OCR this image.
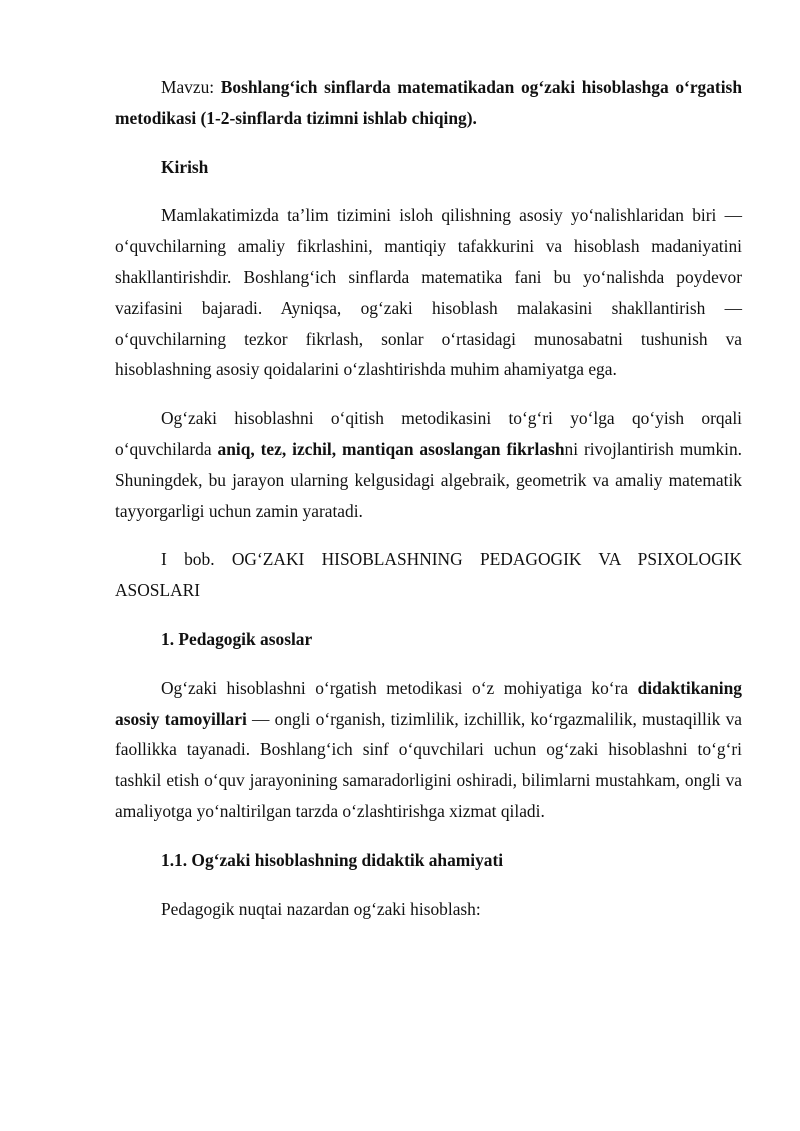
Mavzu: Boshlang‘ich sinflarda matematikadan og‘zaki hisoblashga o‘rgatish metodikasi (1-2-sinflarda tizimni ishlab chiqing).

Kirish

Mamlakatimizda ta’lim tizimini isloh qilishning asosiy yo‘nalishlaridan biri — o‘quvchilarning amaliy fikrlashini, mantiqiy tafakkurini va hisoblash madaniyatini shakllantirishdir. Boshlang‘ich sinflarda matematika fani bu yo‘nalishda poydevor vazifasini bajaradi. Ayniqsa, og‘zaki hisoblash malakasini shakllantirish — o‘quvchilarning tezkor fikrlash, sonlar o‘rtasidagi munosabatni tushunish va hisoblashning asosiy qoidalarini o‘zlashtirishda muhim ahamiyatga ega.

Og‘zaki hisoblashni o‘qitish metodikasini to‘g‘ri yo‘lga qo‘yish orqali o‘quvchilarda aniq, tez, izchil, mantiqan asoslangan fikrlashni rivojlantirish mumkin. Shuningdek, bu jarayon ularning kelgusidagi algebraik, geometrik va amaliy matematik tayyorgarligi uchun zamin yaratadi.

I bob. OG‘ZAKI HISOBLASHNING PEDAGOGIK VA PSIXOLOGIK ASOSLARI

1. Pedagogik asoslar

Og‘zaki hisoblashni o‘rgatish metodikasi o‘z mohiyatiga ko‘ra didaktikaning asosiy tamoyillari — ongli o‘rganish, tizimlilik, izchillik, ko‘rgazmalilik, mustaqillik va faollikka tayanadi. Boshlang‘ich sinf o‘quvchilari uchun og‘zaki hisoblashni to‘g‘ri tashkil etish o‘quv jarayonining samaradorligini oshiradi, bilimlarni mustahkam, ongli va amaliyotga yo‘naltirilgan tarzda o‘zlashtirishga xizmat qiladi.

1.1. Og‘zaki hisoblashning didaktik ahamiyati

Pedagogik nuqtai nazardan og‘zaki hisoblash:
